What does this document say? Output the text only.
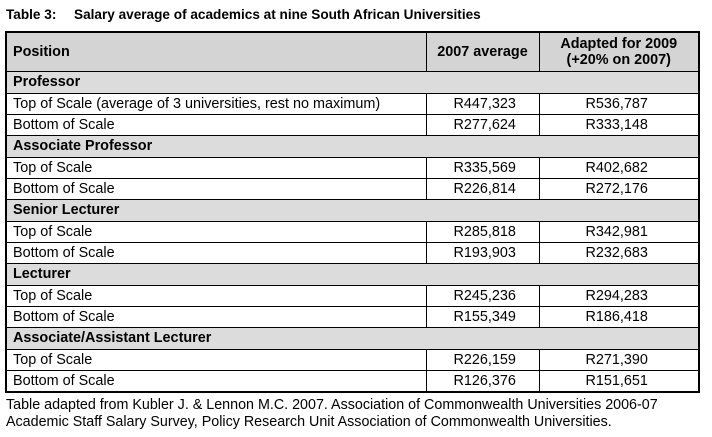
Table 3: Salary average of academics at nine South African Universities
Position	2007 average	Adapted for 2009
(+20% on 2007)

Professor		
Top of Scale (average of 3 universities, rest no maximum)	R447,323	R536,787
Bottom of Scale	R277,624	R333,148
Associate Professor		
Top of Scale	R335,569	R402,682
Bottom of Scale	R226,814	R272,176
Senior Lecturer		
Top of Scale	R285,818	R342,981
Bottom of Scale	R193,903	R232,683
Lecturer		
Top of Scale	R245,236	R294,283
Bottom of Scale	R155,349	R186,418
Associate/Assistant Lecturer		
Top of Scale	R226,159	R271,390
Bottom of Scale	R126,376	R151,651
Table adapted from Kubler J. & Lennon M.C. 2007. Association of Commonwealth Universities 2006-07 Academic Staff Salary Survey, Policy Research Unit Association of Commonwealth Universities.
